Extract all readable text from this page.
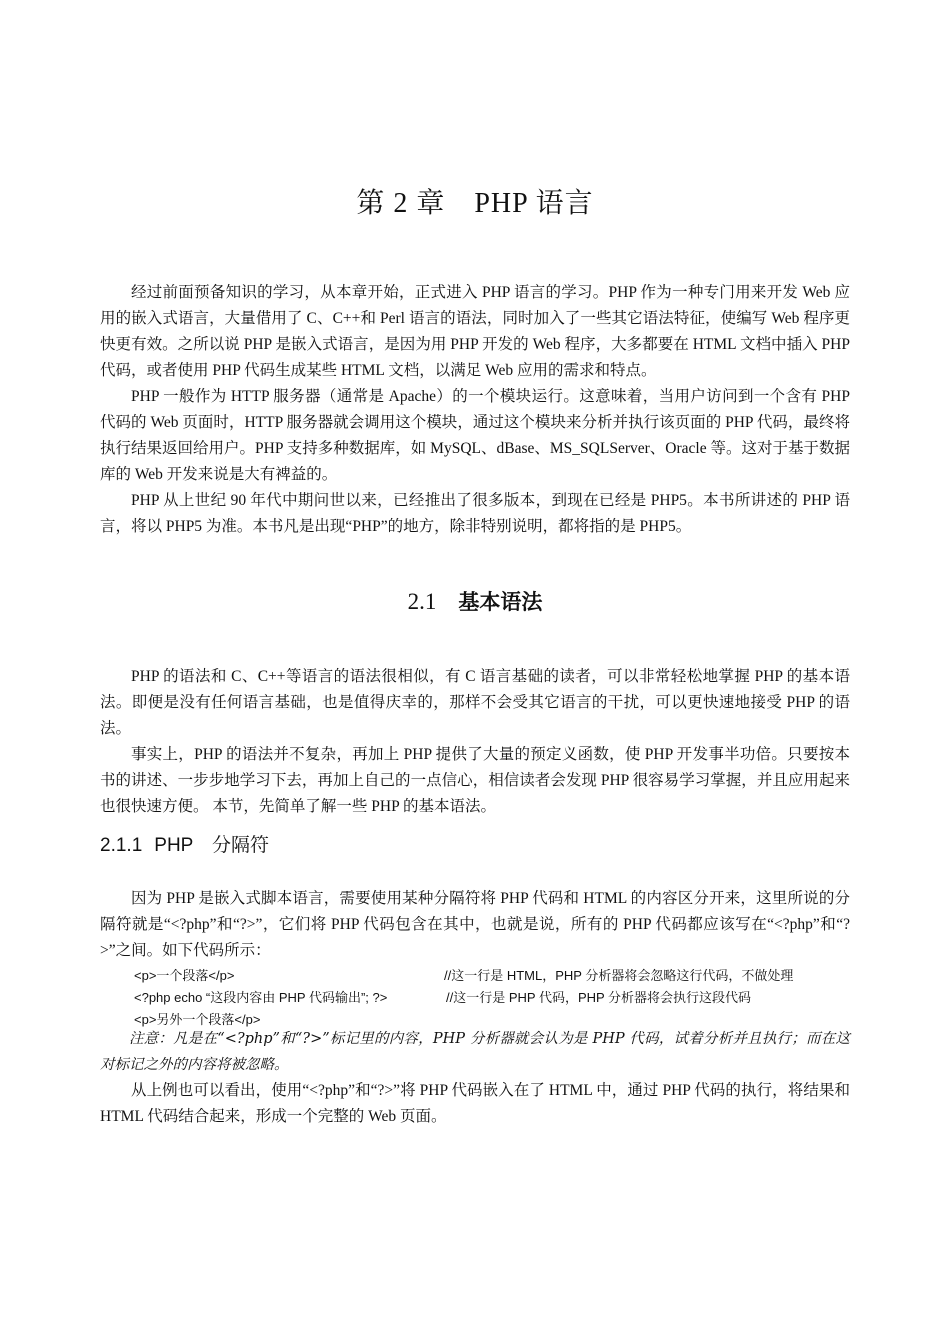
第 2 章　PHP 语言

经过前面预备知识的学习，从本章开始，正式进入 PHP 语言的学习。PHP 作为一种专门用来开发 Web 应用的嵌入式语言，大量借用了 C、C++和 Perl 语言的语法，同时加入了一些其它语法特征，使编写 Web 程序更快更有效。之所以说 PHP 是嵌入式语言，是因为用 PHP 开发的 Web 程序，大多都要在 HTML 文档中插入 PHP 代码，或者使用 PHP 代码生成某些 HTML 文档，以满足 Web 应用的需求和特点。

PHP 一般作为 HTTP 服务器（通常是 Apache）的一个模块运行。这意味着，当用户访问到一个含有 PHP 代码的 Web 页面时，HTTP 服务器就会调用这个模块，通过这个模块来分析并执行该页面的 PHP 代码，最终将执行结果返回给用户。PHP 支持多种数据库，如 MySQL、dBase、MS_SQLServer、Oracle 等。这对于基于数据库的 Web 开发来说是大有裨益的。

PHP 从上世纪 90 年代中期问世以来，已经推出了很多版本，到现在已经是 PHP5。本书所讲述的 PHP 语言，将以 PHP5 为准。本书凡是出现“PHP”的地方，除非特别说明，都将指的是 PHP5。

2.1 基本语法

PHP 的语法和 C、C++等语言的语法很相似，有 C 语言基础的读者，可以非常轻松地掌握 PHP 的基本语法。即便是没有任何语言基础，也是值得庆幸的，那样不会受其它语言的干扰，可以更快速地接受 PHP 的语法。

事实上，PHP 的语法并不复杂，再加上 PHP 提供了大量的预定义函数，使 PHP 开发事半功倍。只要按本书的讲述、一步步地学习下去，再加上自己的一点信心，相信读者会发现 PHP 很容易学习掌握，并且应用起来也很快速方便。 本节，先简单了解一些 PHP 的基本语法。

2.1.1 PHP　分隔符

因为 PHP 是嵌入式脚本语言，需要使用某种分隔符将 PHP 代码和 HTML 的内容区分开来，这里所说的分隔符就是“<?php”和“?>”，它们将 PHP 代码包含在其中，也就是说，所有的 PHP 代码都应该写在“<?php”和“?>”之间。如下代码所示：

<p>一个段落</p>	//这一行是 HTML，PHP 分析器将会忽略这行代码，不做处理
<?php echo “这段内容由 PHP 代码输出”; ?>	//这一行是 PHP 代码，PHP 分析器将会执行这段代码
<p>另外一个段落</p>

注意：凡是在“<?php”和“?>”标记里的内容，PHP 分析器就会认为是 PHP 代码，试着分析并且执行；而在这对标记之外的内容将被忽略。

从上例也可以看出，使用“<?php”和“?>”将 PHP 代码嵌入在了 HTML 中，通过 PHP 代码的执行，将结果和 HTML 代码结合起来，形成一个完整的 Web 页面。
